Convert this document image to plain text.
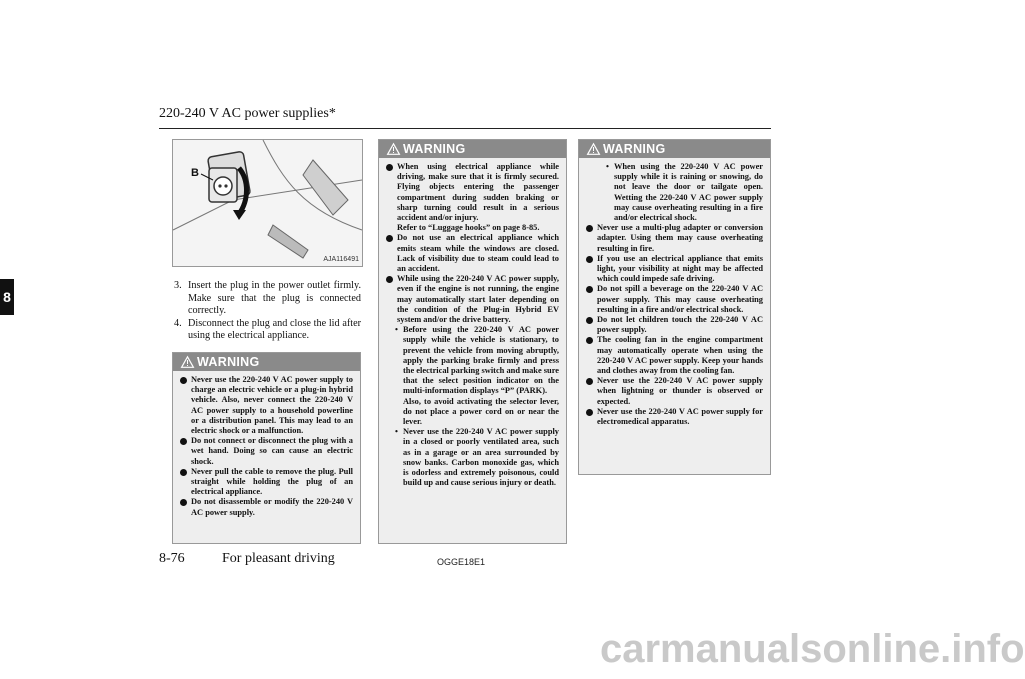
220-240 V AC power supplies*
8
B
AJA116491
3. Insert the plug in the power outlet firmly. Make sure that the plug is connected correctly.
4. Disconnect the plug and close the lid after using the electrical appliance.
WARNING
Never use the 220-240 V AC power supply to charge an electric vehicle or a plug-in hybrid vehicle. Also, never connect the 220-240 V AC power supply to a household powerline or a distribution panel. This may lead to an electric shock or a malfunction.
Do not connect or disconnect the plug with a wet hand. Doing so can cause an electric shock.
Never pull the cable to remove the plug. Pull straight while holding the plug of an electrical appliance.
Do not disassemble or modify the 220-240 V AC power supply.
WARNING
When using electrical appliance while driving, make sure that it is firmly secured. Flying objects entering the passenger compartment during sudden braking or sharp turning could result in a serious accident and/or injury.
Refer to “Luggage hooks” on page 8-85.
Do not use an electrical appliance which emits steam while the windows are closed. Lack of visibility due to steam could lead to an accident.
While using the 220-240 V AC power supply, even if the engine is not running, the engine may automatically start later depending on the condition of the Plug-in Hybrid EV system and/or the drive battery.
• Before using the 220-240 V AC power supply while the vehicle is stationary, to prevent the vehicle from moving abruptly, apply the parking brake firmly and press the electrical parking switch and make sure that the select position indicator on the multi-information displays “P” (PARK).
Also, to avoid activating the selector lever, do not place a power cord on or near the lever.
• Never use the 220-240 V AC power supply in a closed or poorly ventilated area, such as in a garage or an area surrounded by snow banks. Carbon monoxide gas, which is odorless and extremely poisonous, could build up and cause serious injury or death.
WARNING
• When using the 220-240 V AC power supply while it is raining or snowing, do not leave the door or tailgate open. Wetting the 220-240 V AC power supply may cause overheating resulting in a fire and/or electrical shock.
Never use a multi-plug adapter or conversion adapter. Using them may cause overheating resulting in fire.
If you use an electrical appliance that emits light, your visibility at night may be affected which could impede safe driving.
Do not spill a beverage on the 220-240 V AC power supply. This may cause overheating resulting in a fire and/or electrical shock.
Do not let children touch the 220-240 V AC power supply.
The cooling fan in the engine compartment may automatically operate when using the 220-240 V AC power supply. Keep your hands and clothes away from the cooling fan.
Never use the 220-240 V AC power supply when lightning or thunder is observed or expected.
Never use the 220-240 V AC power supply for electromedical apparatus.
8-76	For pleasant driving	OGGE18E1
carmanualsonline.info
